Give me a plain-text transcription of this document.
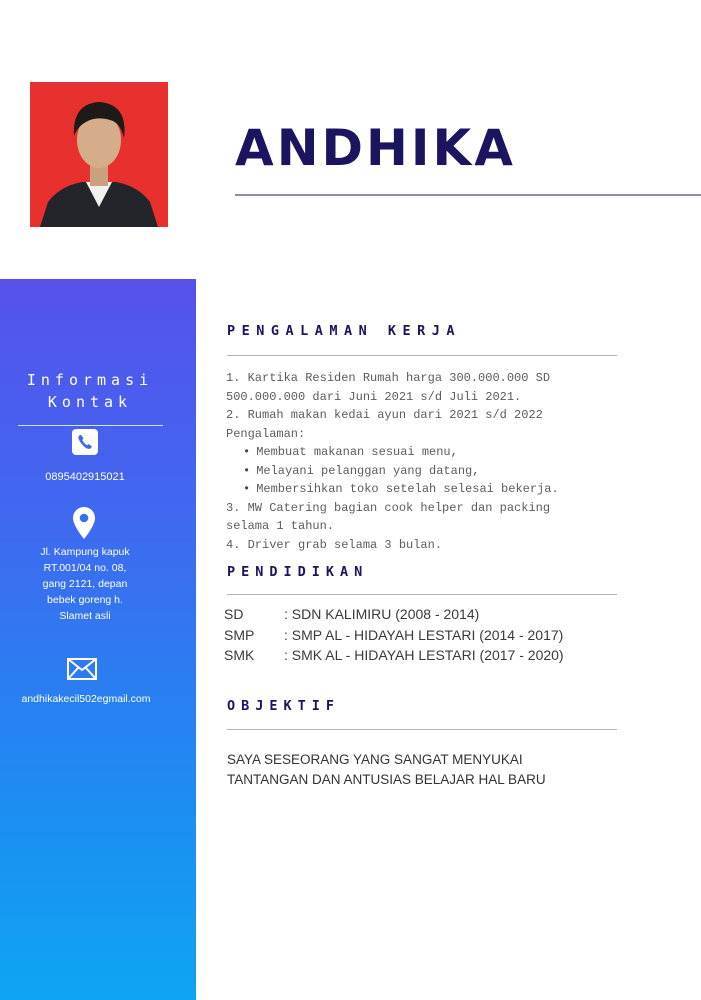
ANDHIKA
Informasi
Kontak
0895402915021
Jl. Kampung kapuk
RT.001/04 no. 08,
gang 2121, depan
bebek goreng h.
Slamet asli
andhikakecil502egmail.com
PENGALAMAN KERJA
1. Kartika Residen Rumah harga 300.000.000 SD
500.000.000 dari Juni 2021 s/d Juli 2021.
2. Rumah makan kedai ayun dari 2021 s/d 2022
Pengalaman:
• Membuat makanan sesuai menu,
• Melayani pelanggan yang datang,
• Membersihkan toko setelah selesai bekerja.
3. MW Catering bagian cook helper dan packing
selama 1 tahun.
4. Driver grab selama 3 bulan.
PENDIDIKAN
SD	: SDN KALIMIRU (2008 - 2014)
SMP	: SMP AL - HIDAYAH LESTARI (2014 - 2017)
SMK	: SMK AL - HIDAYAH LESTARI (2017 - 2020)
OBJEKTIF
SAYA SESEORANG YANG SANGAT MENYUKAI
TANTANGAN DAN ANTUSIAS BELAJAR HAL BARU
